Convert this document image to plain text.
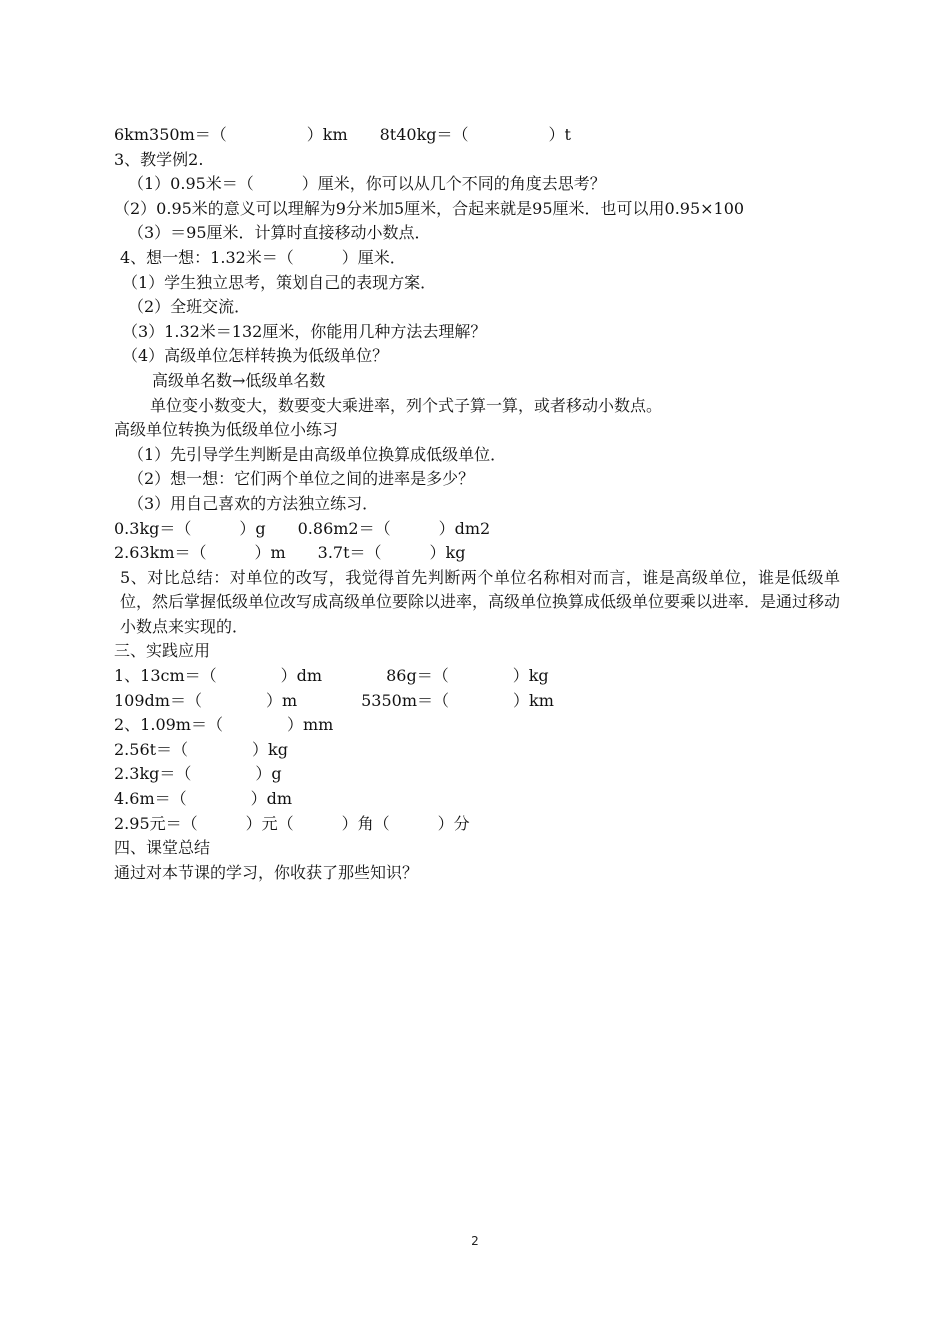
6km350m＝（　　　　　）km　　8t40kg＝（　　　　　）t

3、教学例2.

（1）0.95米＝（　　　）厘米，你可以从几个不同的角度去思考？

（2）0.95米的意义可以理解为9分米加5厘米，合起来就是95厘米．也可以用0.95×100

（3）＝95厘米．计算时直接移动小数点．

4、想一想：1.32米＝（　　　）厘米．

（1）学生独立思考，策划自己的表现方案．

（2）全班交流．

（3）1.32米＝132厘米，你能用几种方法去理解？

（4）高级单位怎样转换为低级单位？

高级单名数→低级单名数

单位变小数变大，数要变大乘进率，列个式子算一算，或者移动小数点。

高级单位转换为低级单位小练习

（1）先引导学生判断是由高级单位换算成低级单位．

（2）想一想：它们两个单位之间的进率是多少？

（3）用自己喜欢的方法独立练习．

0.3kg＝（　　　）g　　0.86m2＝（　　　）dm2

2.63km＝（　　　）m　　3.7t＝（　　　）kg

5、对比总结：对单位的改写，我觉得首先判断两个单位名称相对而言，谁是高级单位，谁是低级单位，然后掌握低级单位改写成高级单位要除以进率，高级单位换算成低级单位要乘以进率．是通过移动小数点来实现的．

三、实践应用

1、13cm＝（　　　　）dm　　　　86g＝（　　　　）kg

109dm＝（　　　　）m　　　　5350m＝（　　　　）km

2、1.09m＝（　　　　）mm

2.56t＝（　　　　）kg

2.3kg＝（　　　　）g

4.6m＝（　　　　）dm

2.95元＝（　　　）元（　　　）角（　　　）分

四、课堂总结

通过对本节课的学习，你收获了那些知识？

2
